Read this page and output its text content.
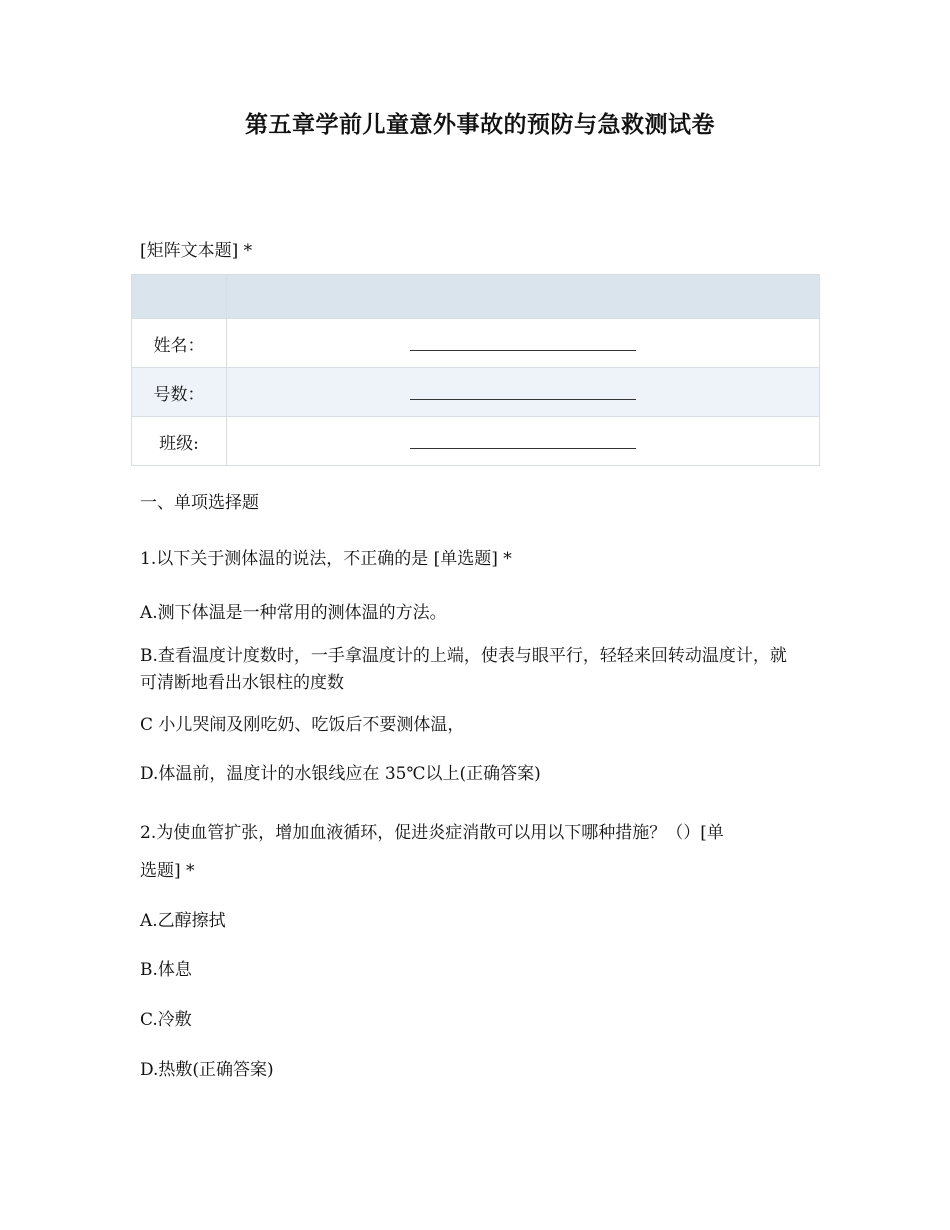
第五章学前儿童意外事故的预防与急救测试卷
[矩阵文本题] *

姓名：	
号数：	
班级:	
一、单项选择题
1.以下关于测体温的说法，不正确的是 [单选题] *
A.测下体温是一种常用的测体温的方法。
B.查看温度计度数时，一手拿温度计的上端，使表与眼平行，轻轻来回转动温度计，就可清断地看出水银柱的度数
C 小儿哭闹及刚吃奶、吃饭后不要测体温，
D.体温前，温度计的水银线应在 35℃以上(正确答案)
2.为使血管扩张，增加血液循环，促进炎症消散可以用以下哪种措施？（）[单选题] *
A.乙醇擦拭
B.体息
C.冷敷
D.热敷(正确答案)
